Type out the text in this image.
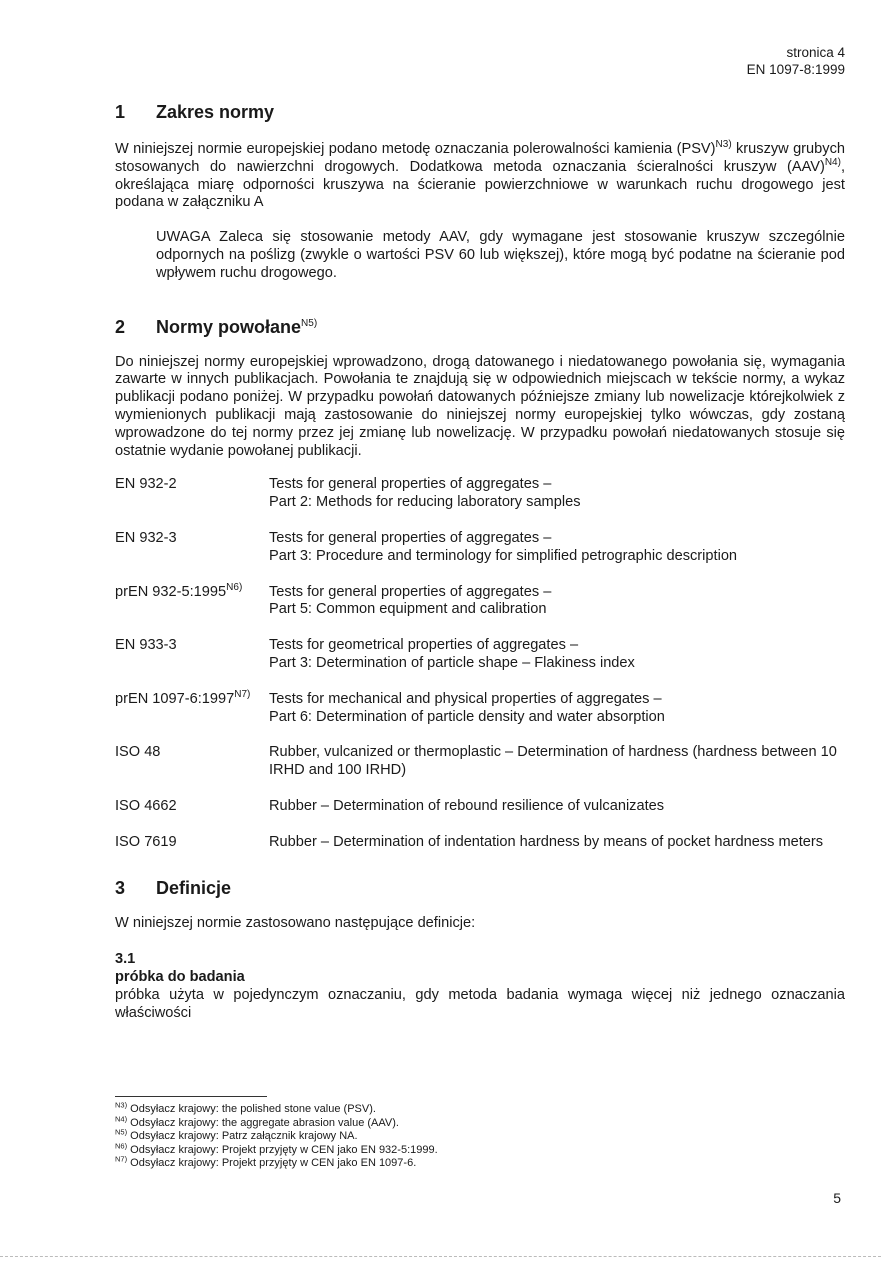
stronica 4
EN 1097-8:1999
1	Zakres normy

W niniejszej normie europejskiej podano metodę oznaczania polerowalności kamienia (PSV)$^{N3)}$ kruszyw grubych stosowanych do nawierzchni drogowych. Dodatkowa metoda oznaczania ścieralności kruszyw (AAV)$^{N4)}$, określająca miarę odporności kruszywa na ścieranie powierzchniowe w warunkach ruchu drogowego jest podana w załączniku A

UWAGA Zaleca się stosowanie metody AAV, gdy wymagane jest stosowanie kruszyw szczególnie odpornych na poślizg (zwykle o wartości PSV 60 lub większej), które mogą być podatne na ścieranie pod wpływem ruchu drogowego.

2	Normy powołane$^{N5)}$

Do niniejszej normy europejskiej wprowadzono, drogą datowanego i niedatowanego powołania się, wymagania zawarte w innych publikacjach. Powołania te znajdują się w odpowiednich miejscach w tekście normy, a wykaz publikacji podano poniżej. W przypadku powołań datowanych późniejsze zmiany lub nowelizacje którejkolwiek z wymienionych publikacji mają zastosowanie do niniejszej normy europejskiej tylko wówczas, gdy zostaną wprowadzone do tej normy przez jej zmianę lub nowelizację. W przypadku powołań niedatowanych stosuje się ostatnie wydanie powołanej publikacji.

EN 932-2	Tests for general properties of aggregates –
Part 2: Methods for reducing laboratory samples
EN 932-3	Tests for general properties of aggregates –
Part 3: Procedure and terminology for simplified petrographic description
prEN $932-5:1995^{N6)}$	Tests for general properties of aggregates –
Part 5: Common equipment and calibration
EN 933-3	Tests for geometrical properties of aggregates –
Part 3: Determination of particle shape – Flakiness index
prEN $1097-6:1997^{N7)}$	Tests for mechanical and physical properties of aggregates –
Part 6: Determination of particle density and water absorption
ISO 48	Rubber, vulcanized or thermoplastic – Determination of hardness (hardness between 10 IRHD and 100 IRHD)
ISO 4662	Rubber – Determination of rebound resilience of vulcanizates
ISO 7619	Rubber – Determination of indentation hardness by means of pocket hardness meters
3	Definicje

W niniejszej normie zastosowano następujące definicje:

3.1
próbka do badania

próbka użyta w pojedynczym oznaczaniu, gdy metoda badania wymaga więcej niż jednego oznaczania właściwości

$^{N3)}$ Odsyłacz krajowy: the polished stone value (PSV).
$^{N4)}$ Odsyłacz krajowy: the aggregate abrasion value (AAV).
$^{N5)}$ Odsyłacz krajowy: Patrz załącznik krajowy NA.
$^{N6)}$ Odsyłacz krajowy: Projekt przyjęty w CEN jako EN 932-5:1999.
$^{N7)}$ Odsyłacz krajowy: Projekt przyjęty w CEN jako EN 1097-6.
5
